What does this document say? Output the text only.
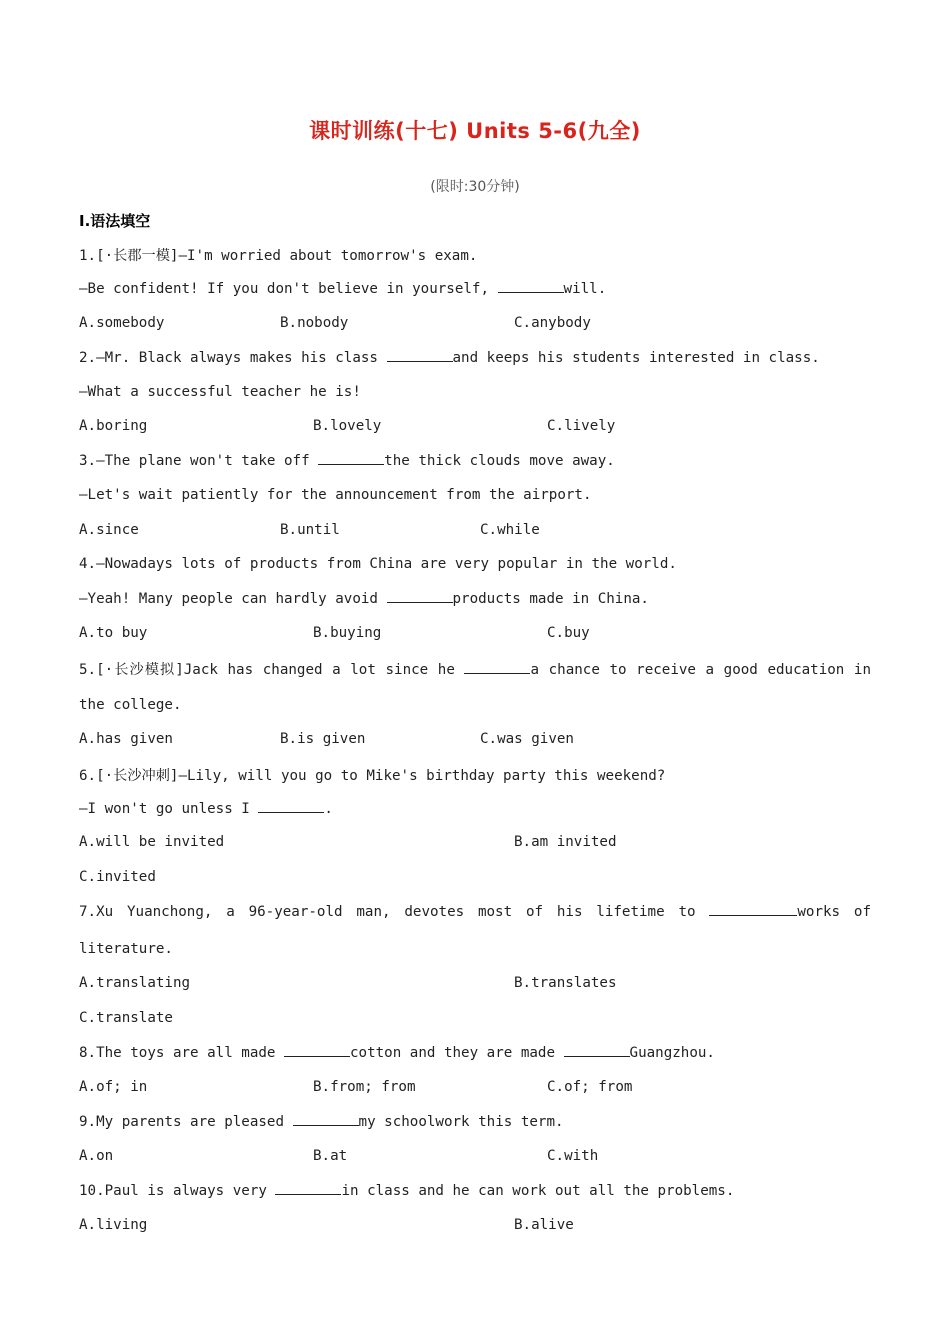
课时训练(十七) Units 5-6(九全)
(限时:30分钟)
Ⅰ.语法填空
1.[·长郡一模]—I'm worried about tomorrow's exam.
—Be confident! If you don't believe in yourself,	will.
A.somebody	B.nobody	C.anybody
2.—Mr. Black always makes his class	and keeps his students interested in class.
—What a successful teacher he is!
A.boring	B.lovely	C.lively
3.—The plane won't take off	the thick clouds move away.
—Let's wait patiently for the announcement from the airport.
A.since	B.until	C.while
4.—Nowadays lots of products from China are very popular in the world.
—Yeah! Many people can hardly avoid	products made in China.
A.to buy	B.buying	C.buy
5.[·长沙模拟]Jack has changed a lot since he	a chance to receive a good education in
the college.
A.has given	B.is given	C.was given
6.[·长沙冲刺]—Lily, will you go to Mike's birthday party this weekend?
—I won't go unless I	.
A.will be invited	B.am invited
C.invited
7.Xu Yuanchong, a 96-year-old man, devotes most of his lifetime to	works of
literature.
A.translating	B.translates
C.translate
8.The toys are all made	cotton and they are made	Guangzhou.
A.of; in	B.from; from	C.of; from
9.My parents are pleased	my schoolwork this term.
A.on	B.at	C.with
10.Paul is always very	in class and he can work out all the problems.
A.living	B.alive
